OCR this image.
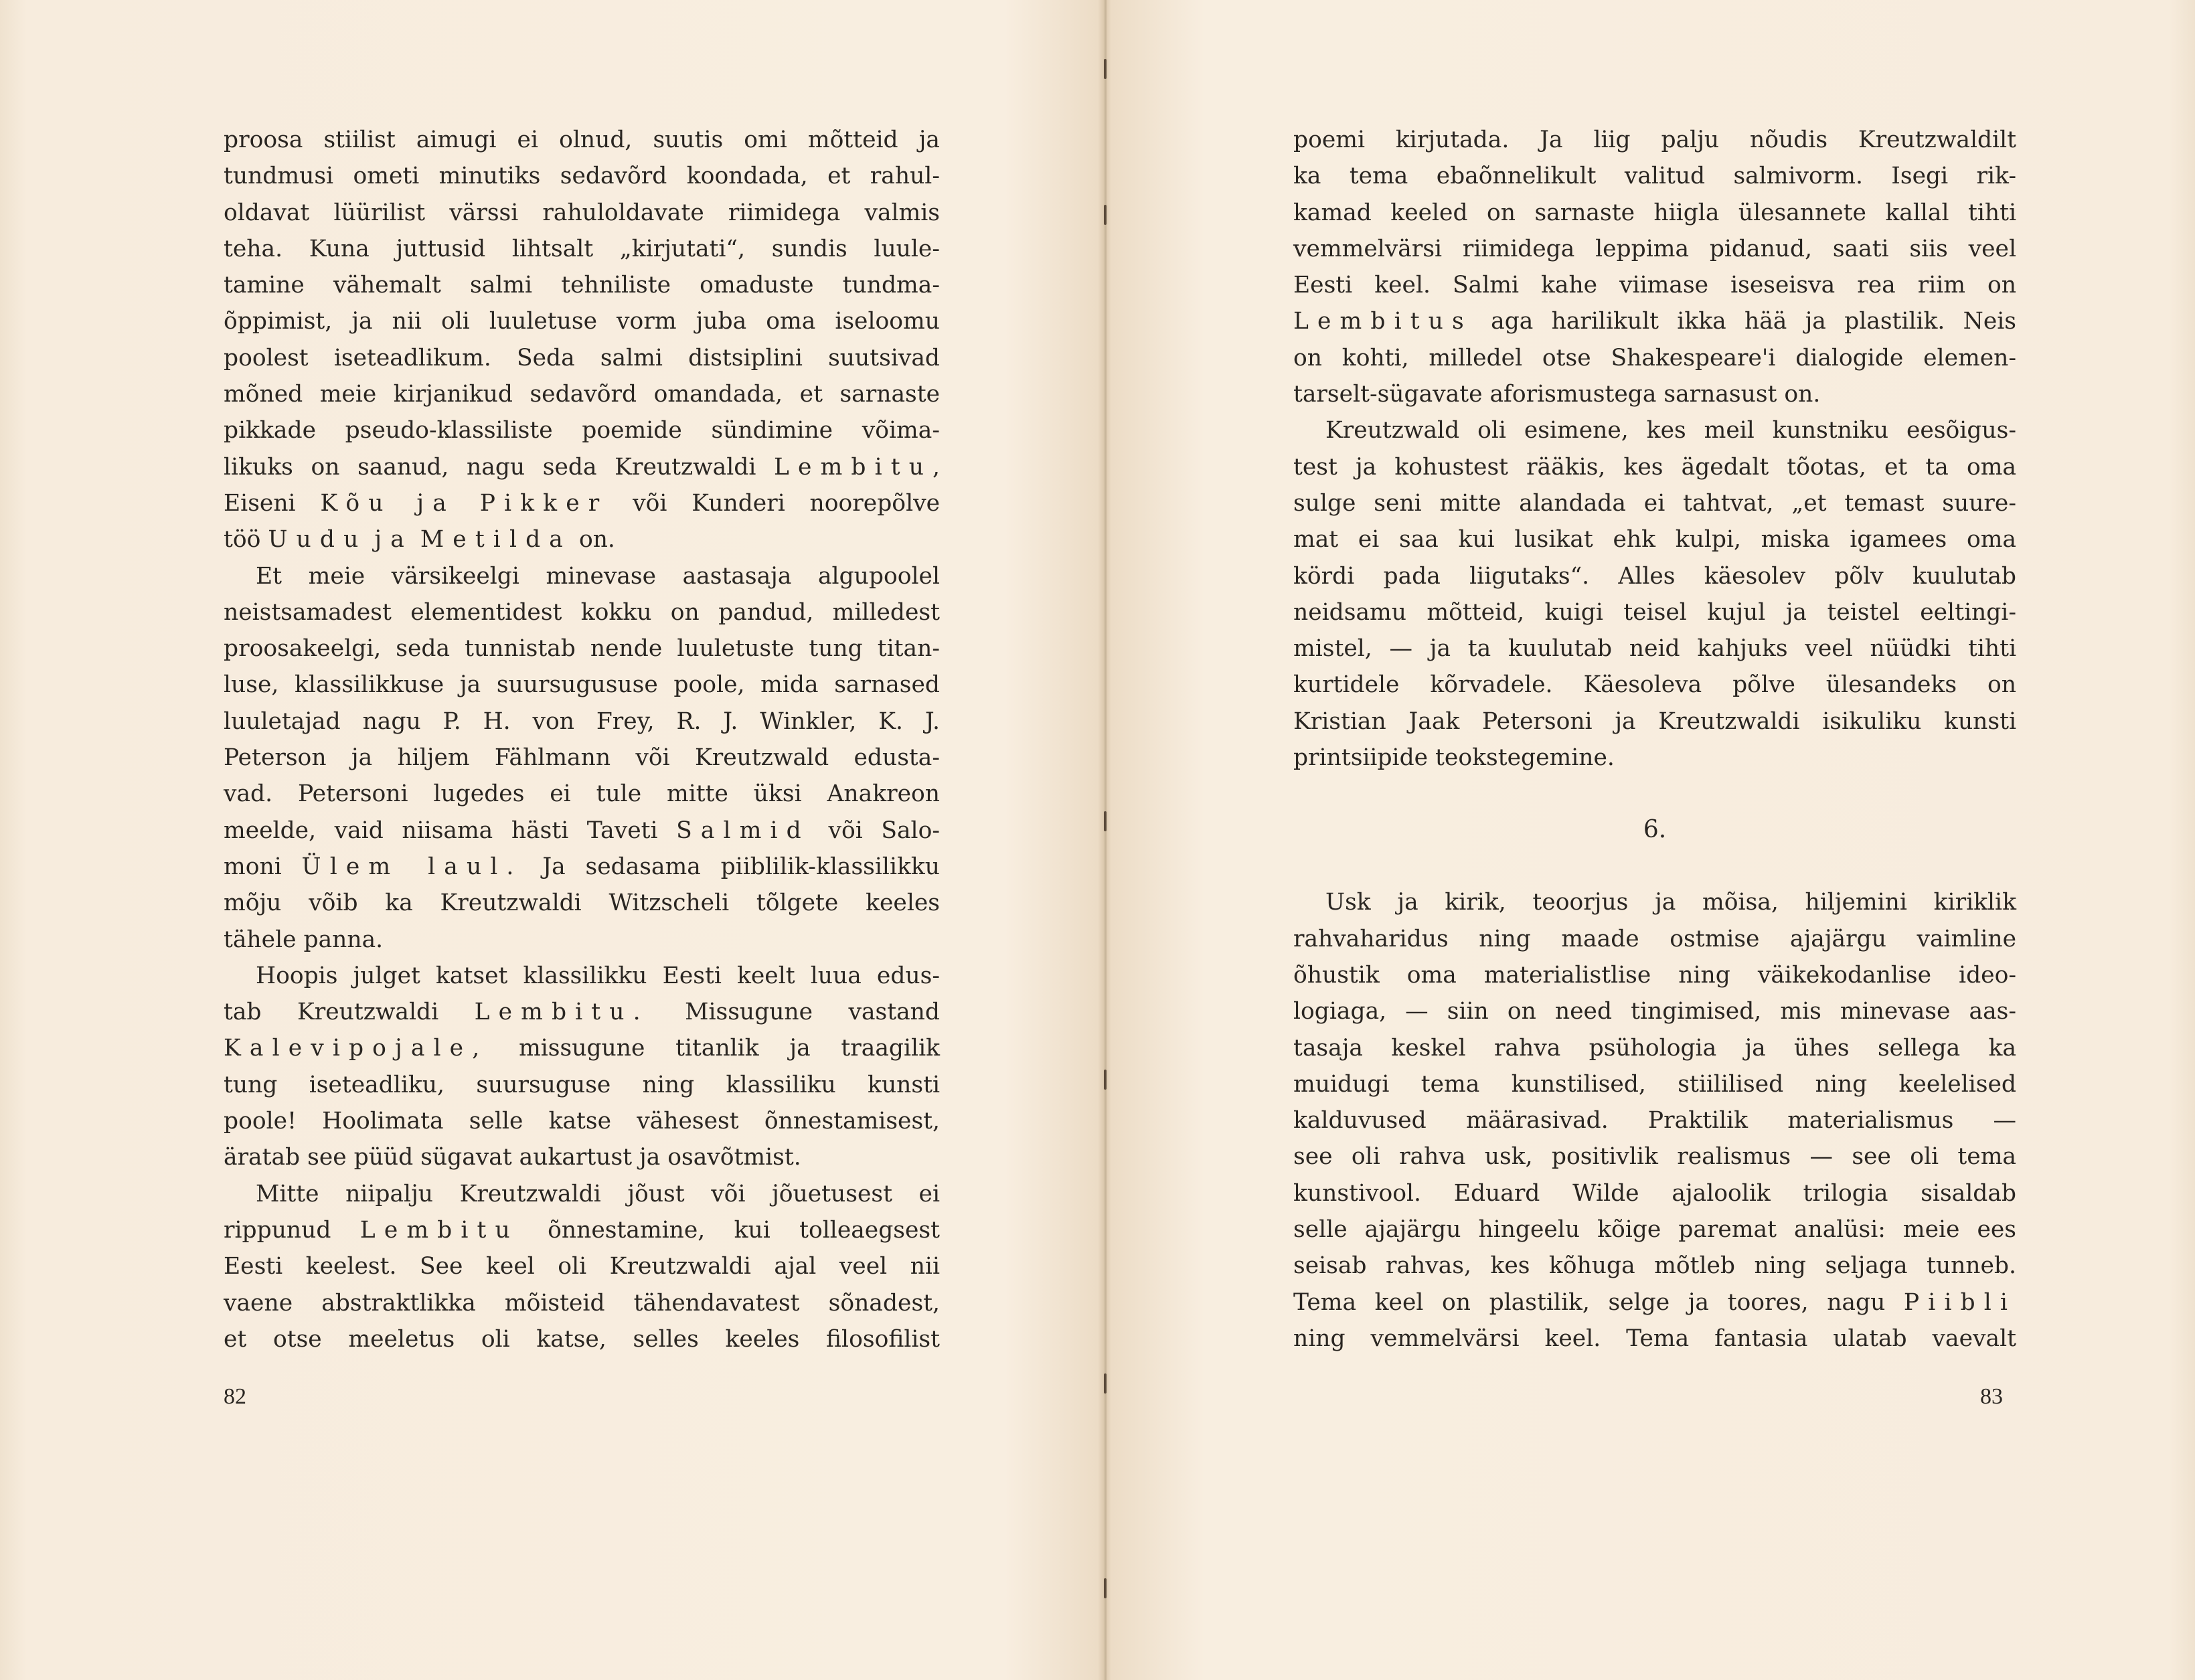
proosa stiilist aimugi ei olnud, suutis omi mõtteid ja

tundmusi ometi minutiks sedavõrd koondada, et rahul-

oldavat lüürilist värssi rahuloldavate riimidega valmis

teha. Kuna juttusid lihtsalt „kirjutati“, sundis luule-

tamine vähemalt salmi tehniliste omaduste tundma-

õppimist, ja nii oli luuletuse vorm juba oma iseloomu

poolest iseteadlikum. Seda salmi distsiplini suutsivad

mõned meie kirjanikud sedavõrd omandada, et sarnaste

pikkade pseudo-klassiliste poemide sündimine võima-

likuks on saanud, nagu seda Kreutzwaldi Lembitu,

Eiseni Kõu ja Pikker või Kunderi noorepõlve

töö Uudu ja Metilda on.

Et meie värsikeelgi minevase aastasaja algupoolel

neistsamadest elementidest kokku on pandud, milledest

proosakeelgi, seda tunnistab nende luuletuste tung titan-

luse, klassilikkuse ja suursugususe poole, mida sarnased

luuletajad nagu P. H. von Frey, R. J. Winkler, K. J.

Peterson ja hiljem Fählmann või Kreutzwald edusta-

vad. Petersoni lugedes ei tule mitte üksi Anakreon

meelde, vaid niisama hästi Taveti Salmid või Salo-

moni Ülem laul. Ja sedasama piiblilik-klassilikku

mõju võib ka Kreutzwaldi Witzscheli tõlgete keeles

tähele panna.

Hoopis julget katset klassilikku Eesti keelt luua edus-

tab Kreutzwaldi Lembitu. Missugune vastand

Kalevipojale, missugune titanlik ja traagilik

tung iseteadliku, suursuguse ning klassiliku kunsti

poole! Hoolimata selle katse vähesest õnnestamisest,

äratab see püüd sügavat aukartust ja osavõtmist.

Mitte niipalju Kreutzwaldi jõust või jõuetusest ei

rippunud Lembitu õnnestamine, kui tolleaegsest

Eesti keelest. See keel oli Kreutzwaldi ajal veel nii

vaene abstraktlikka mõisteid tähendavatest sõnadest,

et otse meeletus oli katse, selles keeles filosofilist

82

poemi kirjutada. Ja liig palju nõudis Kreutzwaldilt

ka tema ebaõnnelikult valitud salmivorm. Isegi rik-

kamad keeled on sarnaste hiigla ülesannete kallal tihti

vemmelvärsi riimidega leppima pidanud, saati siis veel

Eesti keel. Salmi kahe viimase iseseisva rea riim on

Lembitus aga harilikult ikka hää ja plastilik. Neis

on kohti, milledel otse Shakespeare'i dialogide elemen-

tarselt-sügavate aforismustega sarnasust on.

Kreutzwald oli esimene, kes meil kunstniku eesõigus-

test ja kohustest rääkis, kes ägedalt tõotas, et ta oma

sulge seni mitte alandada ei tahtvat, „et temast suure-

mat ei saa kui lusikat ehk kulpi, miska igamees oma

kördi pada liigutaks“. Alles käesolev põlv kuulutab

neidsamu mõtteid, kuigi teisel kujul ja teistel eeltingi-

mistel, — ja ta kuulutab neid kahjuks veel nüüdki tihti

kurtidele kõrvadele. Käesoleva põlve ülesandeks on

Kristian Jaak Petersoni ja Kreutzwaldi isikuliku kunsti

printsiipide teokstegemine.

6.

Usk ja kirik, teoorjus ja mõisa, hiljemini kiriklik

rahvaharidus ning maade ostmise ajajärgu vaimline

õhustik oma materialistlise ning väikekodanlise ideo-

logiaga, — siin on need tingimised, mis minevase aas-

tasaja keskel rahva psühologia ja ühes sellega ka

muidugi tema kunstilised, stiililised ning keelelised

kalduvused määrasivad. Praktilik materialismus —

see oli rahva usk, positivlik realismus — see oli tema

kunstivool. Eduard Wilde ajaloolik trilogia sisaldab

selle ajajärgu hingeelu kõige paremat analüsi: meie ees

seisab rahvas, kes kõhuga mõtleb ning seljaga tunneb.

Tema keel on plastilik, selge ja toores, nagu Piibli

ning vemmelvärsi keel. Tema fantasia ulatab vaevalt

83
